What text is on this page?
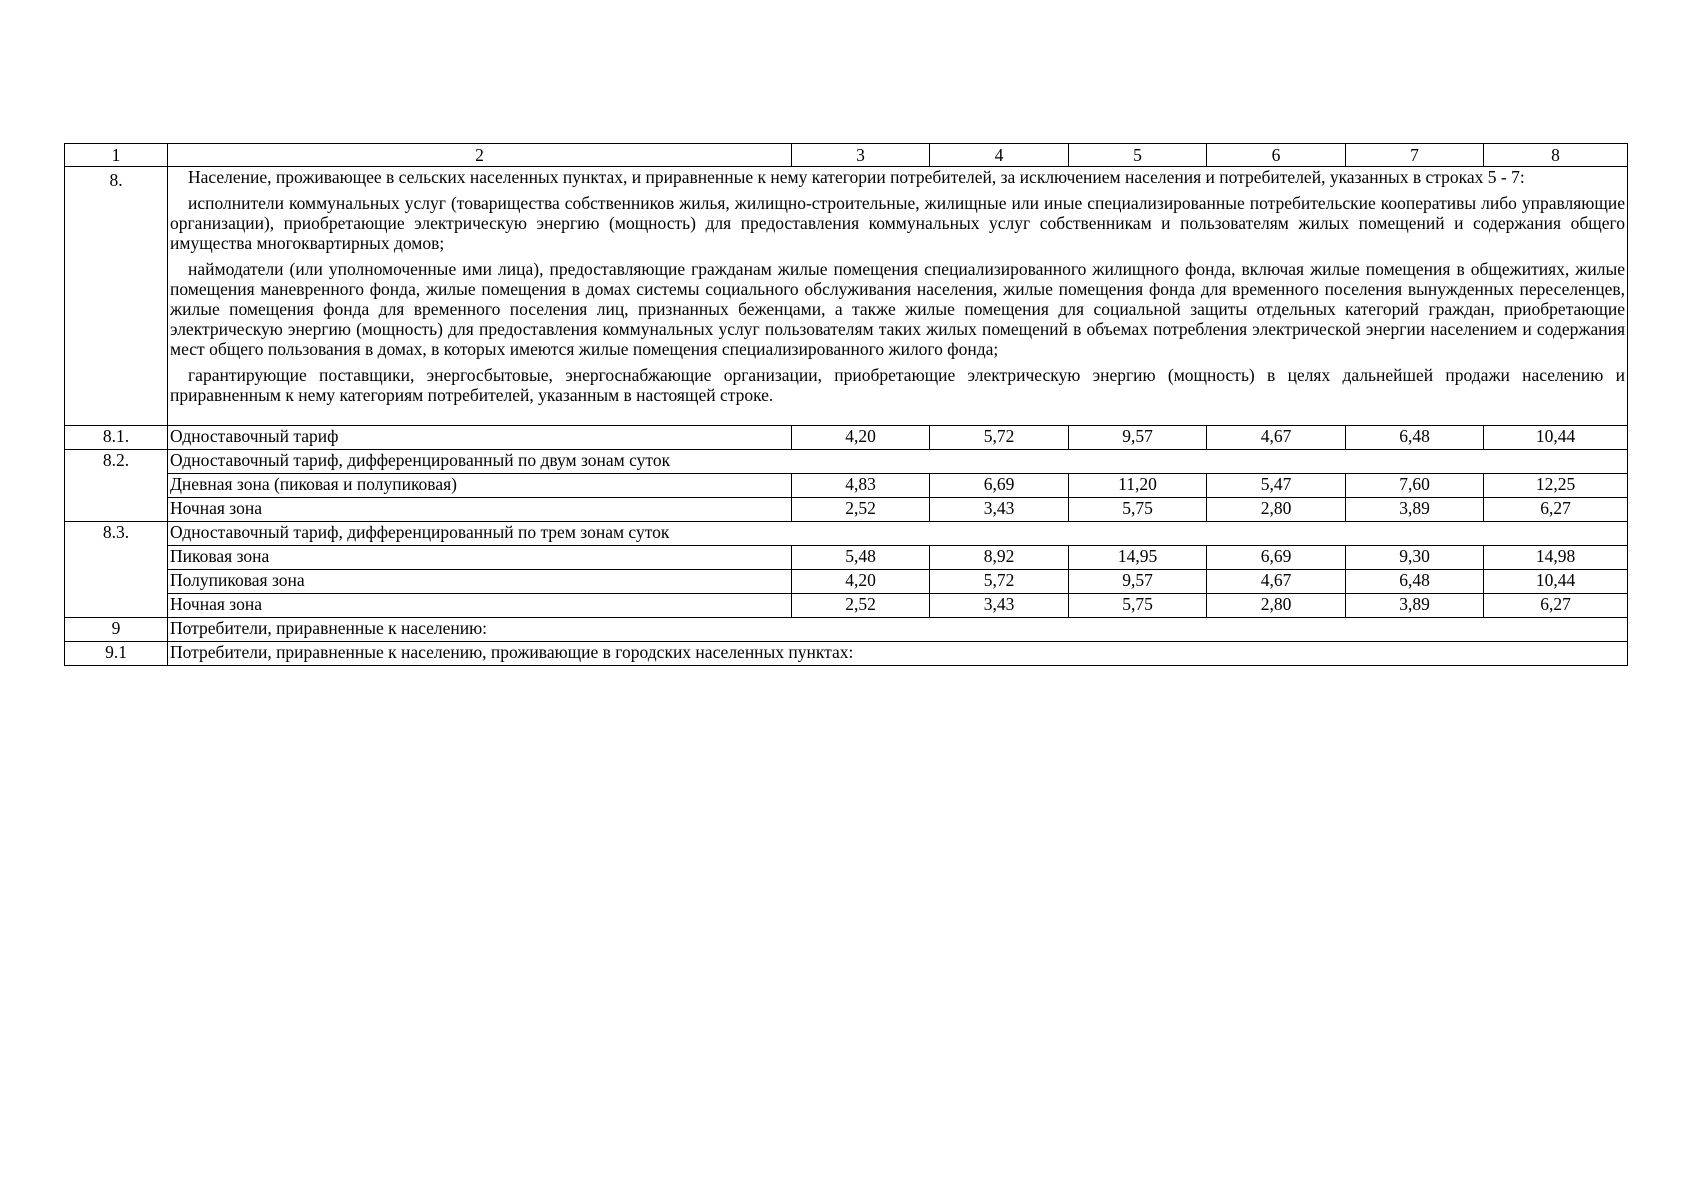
1	2	3	4	5	6	7	8
8.	Население, проживающее в сельских населенных пунктах, и приравненные к нему категории потребителей, за исключением населения и потребителей, указанных в строках 5 - 7:

исполнители коммунальных услуг (товарищества собственников жилья, жилищно-строительные, жилищные или иные специализированные потребительские кооперативы либо управляющие организации), приобретающие электрическую энергию (мощность) для предоставления коммунальных услуг собственникам и пользователям жилых помещений и содержания общего имущества многоквартирных домов;

наймодатели (или уполномоченные ими лица), предоставляющие гражданам жилые помещения специализированного жилищного фонда, включая жилые помещения в общежитиях, жилые помещения маневренного фонда, жилые помещения в домах системы социального обслуживания населения, жилые помещения фонда для временного поселения вынужденных переселенцев, жилые помещения фонда для временного поселения лиц, признанных беженцами, а также жилые помещения для социальной защиты отдельных категорий граждан, приобретающие электрическую энергию (мощность) для предоставления коммунальных услуг пользователям таких жилых помещений в объемах потребления электрической энергии населением и содержания мест общего пользования в домах, в которых имеются жилые помещения специализированного жилого фонда;

гарантирующие поставщики, энергосбытовые, энергоснабжающие организации, приобретающие электрическую энергию (мощность) в целях дальнейшей продажи населению и приравненным к нему категориям потребителей, указанным в настоящей строке.						

8.1.	Одноставочный тариф	4,20	5,72	9,57	4,67	6,48	10,44
8.2.	Одноставочный тариф, дифференцированный по двум зонам суток						
	Дневная зона (пиковая и полупиковая)	4,83	6,69	11,20	5,47	7,60	12,25
	Ночная зона	2,52	3,43	5,75	2,80	3,89	6,27
8.3.	Одноставочный тариф, дифференцированный по трем зонам суток						
	Пиковая зона	5,48	8,92	14,95	6,69	9,30	14,98
	Полупиковая зона	4,20	5,72	9,57	4,67	6,48	10,44
	Ночная зона	2,52	3,43	5,75	2,80	3,89	6,27
9	Потребители, приравненные к населению:						
9.1	Потребители, приравненные к населению, проживающие в городских населенных пунктах:						
